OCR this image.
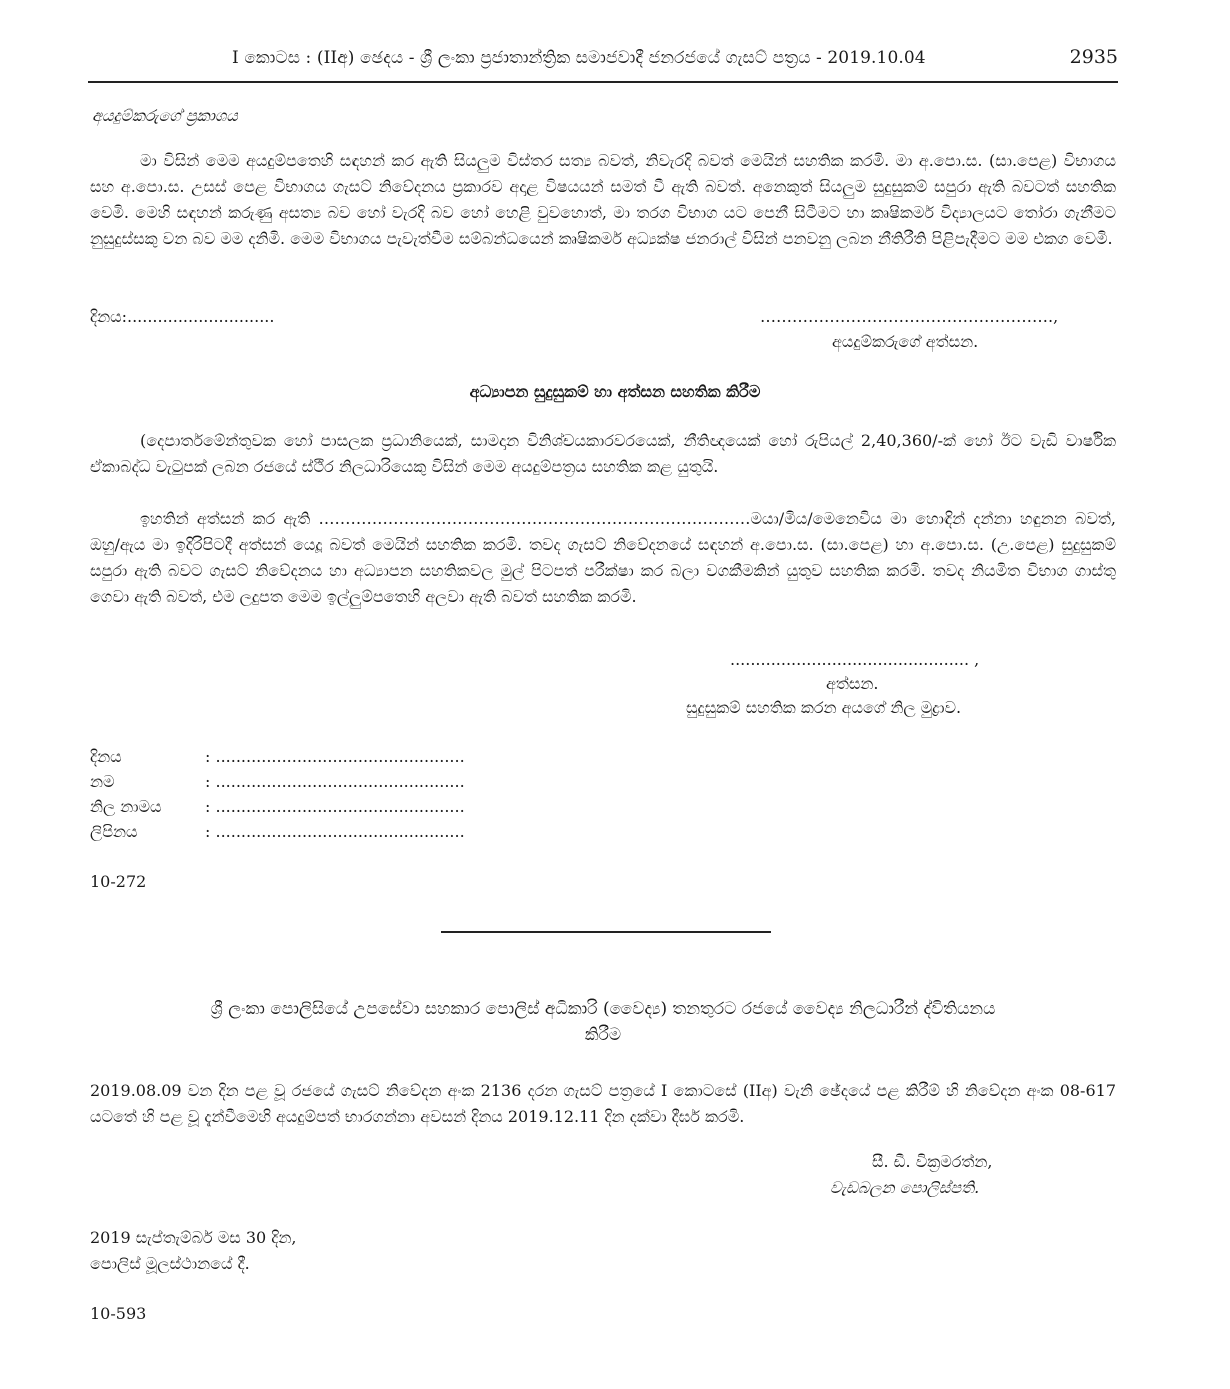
I කොටස : (IIඅ) ඡෙදය - ශ්‍රී ලංකා ප්‍රජාතාන්ත්‍රික සමාජවාදී ජනරජයේ ගැසට් පත්‍රය - 2019.10.04	2935
අයදුම්කරුගේ ප්‍රකාශය
මා විසින් මෙම අයදුම්පතෙහි සඳහන් කර ඇති සියලුම විස්තර සත්‍ය බවත්, නිවැරදි බවත් මෙයින් සහතික කරමි. මා අ.පො.ස. (සා.පෙළ) විභාගය සහ අ.පො.ස. උසස් පෙළ විභාගය ගැසට් නිවේදනය ප්‍රකාරව අදාළ විෂයයන් සමත් වී ඇති බවත්. අනෙකුත් සියලුම සුදුසුකම් සපුරා ඇති බවටත් සහතික වෙමි. මෙහි සඳහන් කරුණු අසත්‍ය බව හෝ වැරදි බව හෝ හෙළි වුවහොත්, මා තරග විභාග යට පෙනී සිටීමට හා කෘෂිකර්ම විද්‍යාලයට තෝරා ගැනීමට නුසුදුස්සකු වන බව මම දනිමි. මෙම විභාගය පැවැත්වීම සම්බන්ධයෙන් කෘෂිකර්ම අධ්‍යක්ෂ ජනරාල් විසින් පනවනු ලබන නීතිරීති පිළිපැදීමට මම එකග වෙමි.
දිනය:.............................	……………………………………………….,
අයදුම්කරුගේ අත්සන.
අධ්‍යාපන සුදුසුකම් හා අත්සන සහතික කිරීම
(දෙපාර්තමේන්තුවක හෝ පාසලක ප්‍රධානියෙක්, සාමදාන විනිශ්චයකාරවරයෙක්, නීතිඥයෙක් හෝ රුපියල් 2,40,360/-ක් හෝ ඊට වැඩි වාර්ෂික ඒකාබද්ධ වැටුපක් ලබන රජයේ ස්ථිර නිලධාරියෙකු විසින් මෙම අයදුම්පත්‍රය සහතික කළ යුතුයි.
ඉහතින් අත්සන් කර ඇති ………………………………………………………………………මයා/මිය/මෙනෙවිය මා හොඳින් දන්නා හඳුනන බවත්, ඔහු/ඇය මා ඉදිරිපිටදී අත්සන් යෙදූ බවත් මෙයින් සහතික කරමි. තවද ගැසට් නිවේදනයේ සඳහන් අ.පො.ස. (සා.පෙළ) හා අ.පො.ස. (උ.පෙළ) සුදුසුකම් සපුරා ඇති බවට ගැසට් නිවේදනය හා අධ්‍යාපන සහතිකවල මුල් පිටපත් පරීක්ෂා කර බලා වගකීමකින් යුතුව සහතික කරමි. තවද නියමිත විභාග ගාස්තු ගෙවා ඇති බවත්, එම ලදුපත මෙම ඉල්ලුම්පතෙහි අලවා ඇති බවත් සහතික කරමි.
............................................... ,
අත්සන.
සුදුසුකම් සහතික කරන අයගේ නිල මුද්‍රාව.
දිනය	: .................................................
නම	: .................................................
නිල නාමය	: .................................................
ලිපිනය	: .................................................
10-272
ශ්‍රී ලංකා පොලිසියේ උපසේවා සහකාර පොලිස් අධිකාරි (වෛද්‍ය) තනතුරට රජයේ වෛද්‍ය නිලධාරීන් ද්විතියනය
කිරීම
2019.08.09 වන දින පළ වූ රජයේ ගැසට් නිවේදන අංක 2136 දරන ගැසට් පත්‍රයේ I කොටසේ (IIඅ) වැනි ඡේදයේ පළ කිරීම් හි නිවේදන අංක 08-617 යටතේ හි පළ වූ දැන්වීමෙහි අයදුම්පත් භාරගන්නා අවසන් දිනය 2019.12.11 දින දක්වා දීර්ඝ කරමි.
සී. ඩී. වික්‍රමරත්න,
වැඩබලන පොලිස්පති.
2019 සැප්තැම්බර් මස 30 දින,
පොලිස් මූලස්ථානයේ දී.
10-593
